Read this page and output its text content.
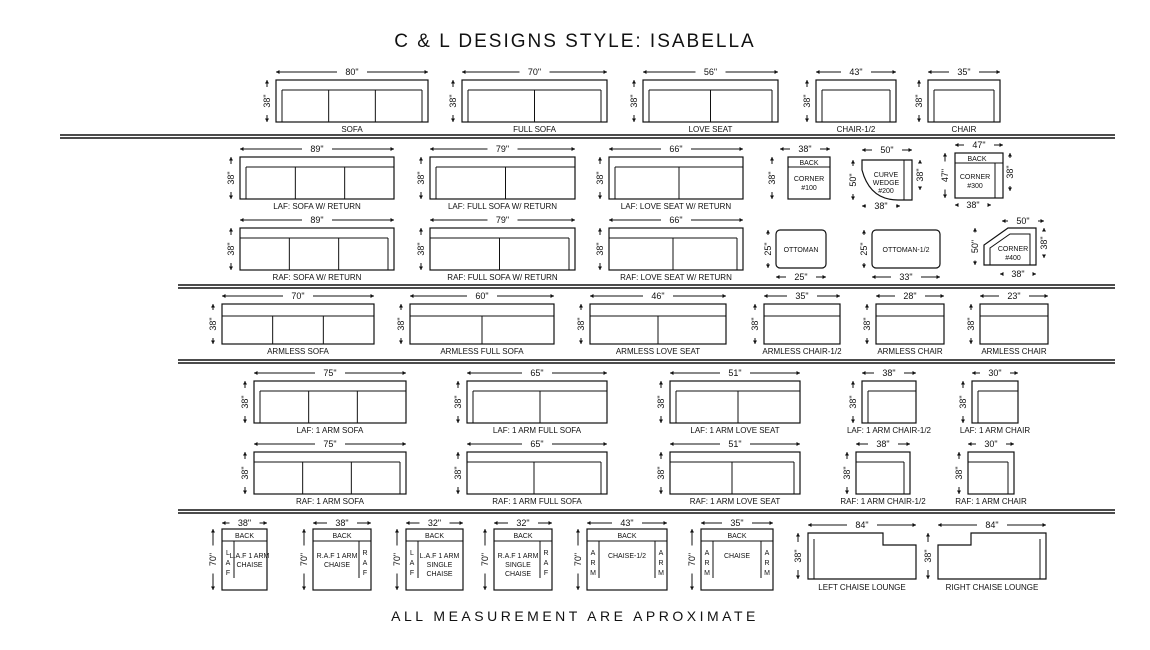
C & L DESIGNS STYLE: ISABELLA
80"
38"
SOFA
70"
38"
FULL SOFA
56"
38"
LOVE SEAT
43"
38"
CHAIR-1/2
35"
38"
CHAIR
89"
38"
LAF: SOFA W/ RETURN
79"
38"
LAF: FULL SOFA W/ RETURN
66"
38"
LAF: LOVE SEAT W/ RETURN
BACK
CORNER
#100
38"
38"	CURVE
WEDGE
#200
50"
50"	38"
38"
BACK
CORNER
#300
47"
47"	38"
38"
89"
38"
RAF: SOFA W/ RETURN
79"
38"
RAF: FULL SOFA W/ RETURN
66"
38"
RAF: LOVE SEAT W/ RETURN
OTTOMAN
25"
25"	OTTOMAN-1/2
33"
25"	CORNER
#400
50"
50"	38"
38"
70"
38"
ARMLESS SOFA
60"
38"
ARMLESS FULL SOFA
46"
38"
ARMLESS LOVE SEAT
35"
38"
ARMLESS CHAIR-1/2
28"
38"
ARMLESS CHAIR
23"
38"
ARMLESS CHAIR
75"
38"
LAF: 1 ARM SOFA
65"
38"
LAF: 1 ARM FULL SOFA
51"
38"
LAF: 1 ARM LOVE SEAT
38"
38"
LAF: 1 ARM CHAIR-1/2
30"
38"
LAF: 1 ARM CHAIR
75"
38"
RAF: 1 ARM SOFA
65"
38"
RAF: 1 ARM FULL SOFA
51"
38"
RAF: 1 ARM LOVE SEAT
38"
38"
RAF: 1 ARM CHAIR-1/2
30"
38"
RAF: 1 ARM CHAIR
BACK
L
A
F
L.A.F 1 ARM
CHAISE
38"
70"
BACK
R
A
F
R.A.F 1 ARM
CHAISE
38"
70"
BACK
L
A
F
L.A.F 1 ARM
SINGLE
CHAISE
32"
70"
BACK
R
A
F
R.A.F 1 ARM
SINGLE
CHAISE
32"
70"
BACK
A
R
M
A
R
M
CHAISE-1/2
43"
70"
BACK
A
R
M
A
R
M
CHAISE
35"
70"
84"
38"
LEFT CHAISE LOUNGE
84"
38"
RIGHT CHAISE LOUNGE
ALL MEASUREMENT ARE APROXIMATE
